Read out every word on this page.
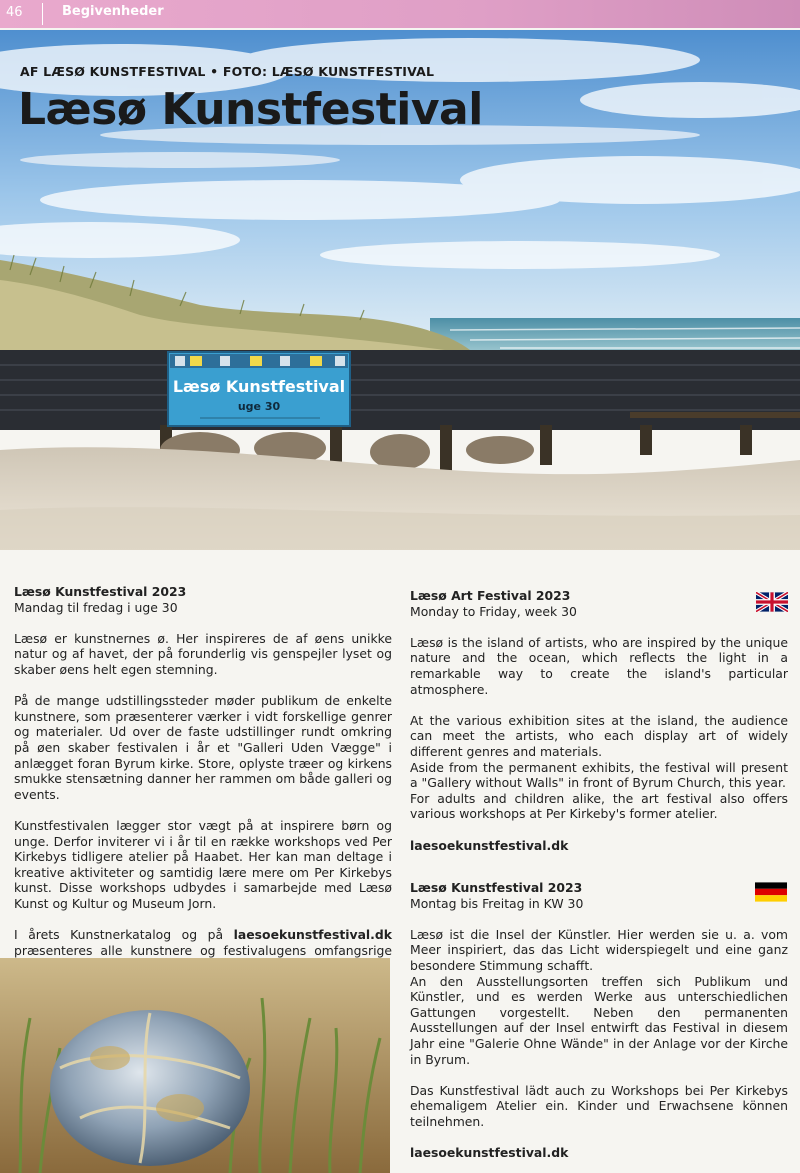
46	Begivenheder
Læsø Kunstfestival
uge 30
AF LÆSØ KUNSTFESTIVAL • FOTO: LÆSØ KUNSTFESTIVAL
Læsø Kunstfestival

Læsø Kunstfestival 2023

Mandag til fredag i uge 30

Læsø er kunstnernes ø. Her inspireres de af øens unikke natur og af havet, der på forunderlig vis genspejler lyset og skaber øens helt egen stemning.

På de mange udstillingssteder møder publikum de enkelte kunstnere, som præsenterer værker i vidt forskellige genrer og materialer. Ud over de faste udstillinger rundt omkring på øen skaber festivalen i år et "Galleri Uden Vægge" i anlægget foran Byrum kirke. Store, oplyste træer og kirkens smukke stensætning danner her rammen om både galleri og events.

Kunstfestivalen lægger stor vægt på at inspirere børn og unge. Derfor inviterer vi i år til en række workshops ved Per Kirkebys tidligere atelier på Haabet. Her kan man deltage i kreative aktiviteter og samtidig lære mere om Per Kirkebys kunst. Disse workshops udbydes i samarbejde med Læsø Kunst og Kultur og Museum Jorn.

I årets Kunstnerkatalog og på laesoekunstfestival.dk præsenteres alle kunstnere og festivalugens omfangsrige

Læsø Art Festival 2023

Monday to Friday, week 30

Læsø is the island of artists, who are inspired by the unique nature and the ocean, which reflects the light in a remarkable way to create the island's particular atmosphere.

At the various exhibition sites at the island, the audience can meet the artists, who each display art of widely different genres and materials.

Aside from the permanent exhibits, the festival will present a "Gallery without Walls" in front of Byrum Church, this year.

For adults and children alike, the art festival also offers various workshops at Per Kirkeby's former atelier.

laesoekunstfestival.dk

Læsø Kunstfestival 2023

Montag bis Freitag in KW 30

Læsø ist die Insel der Künstler. Hier werden sie u. a. vom Meer inspiriert, das das Licht widerspiegelt und eine ganz besondere Stimmung schafft.

An den Ausstellungsorten treffen sich Publikum und Künstler, und es werden Werke aus unterschiedlichen Gattungen vorgestellt. Neben den permanenten Ausstellungen auf der Insel entwirft das Festival in diesem Jahr eine "Galerie Ohne Wände" in der Anlage vor der Kirche in Byrum.

Das Kunstfestival lädt auch zu Workshops bei Per Kirkebys ehemaligem Atelier ein. Kinder und Erwachsene können teilnehmen.

laesoekunstfestival.dk
